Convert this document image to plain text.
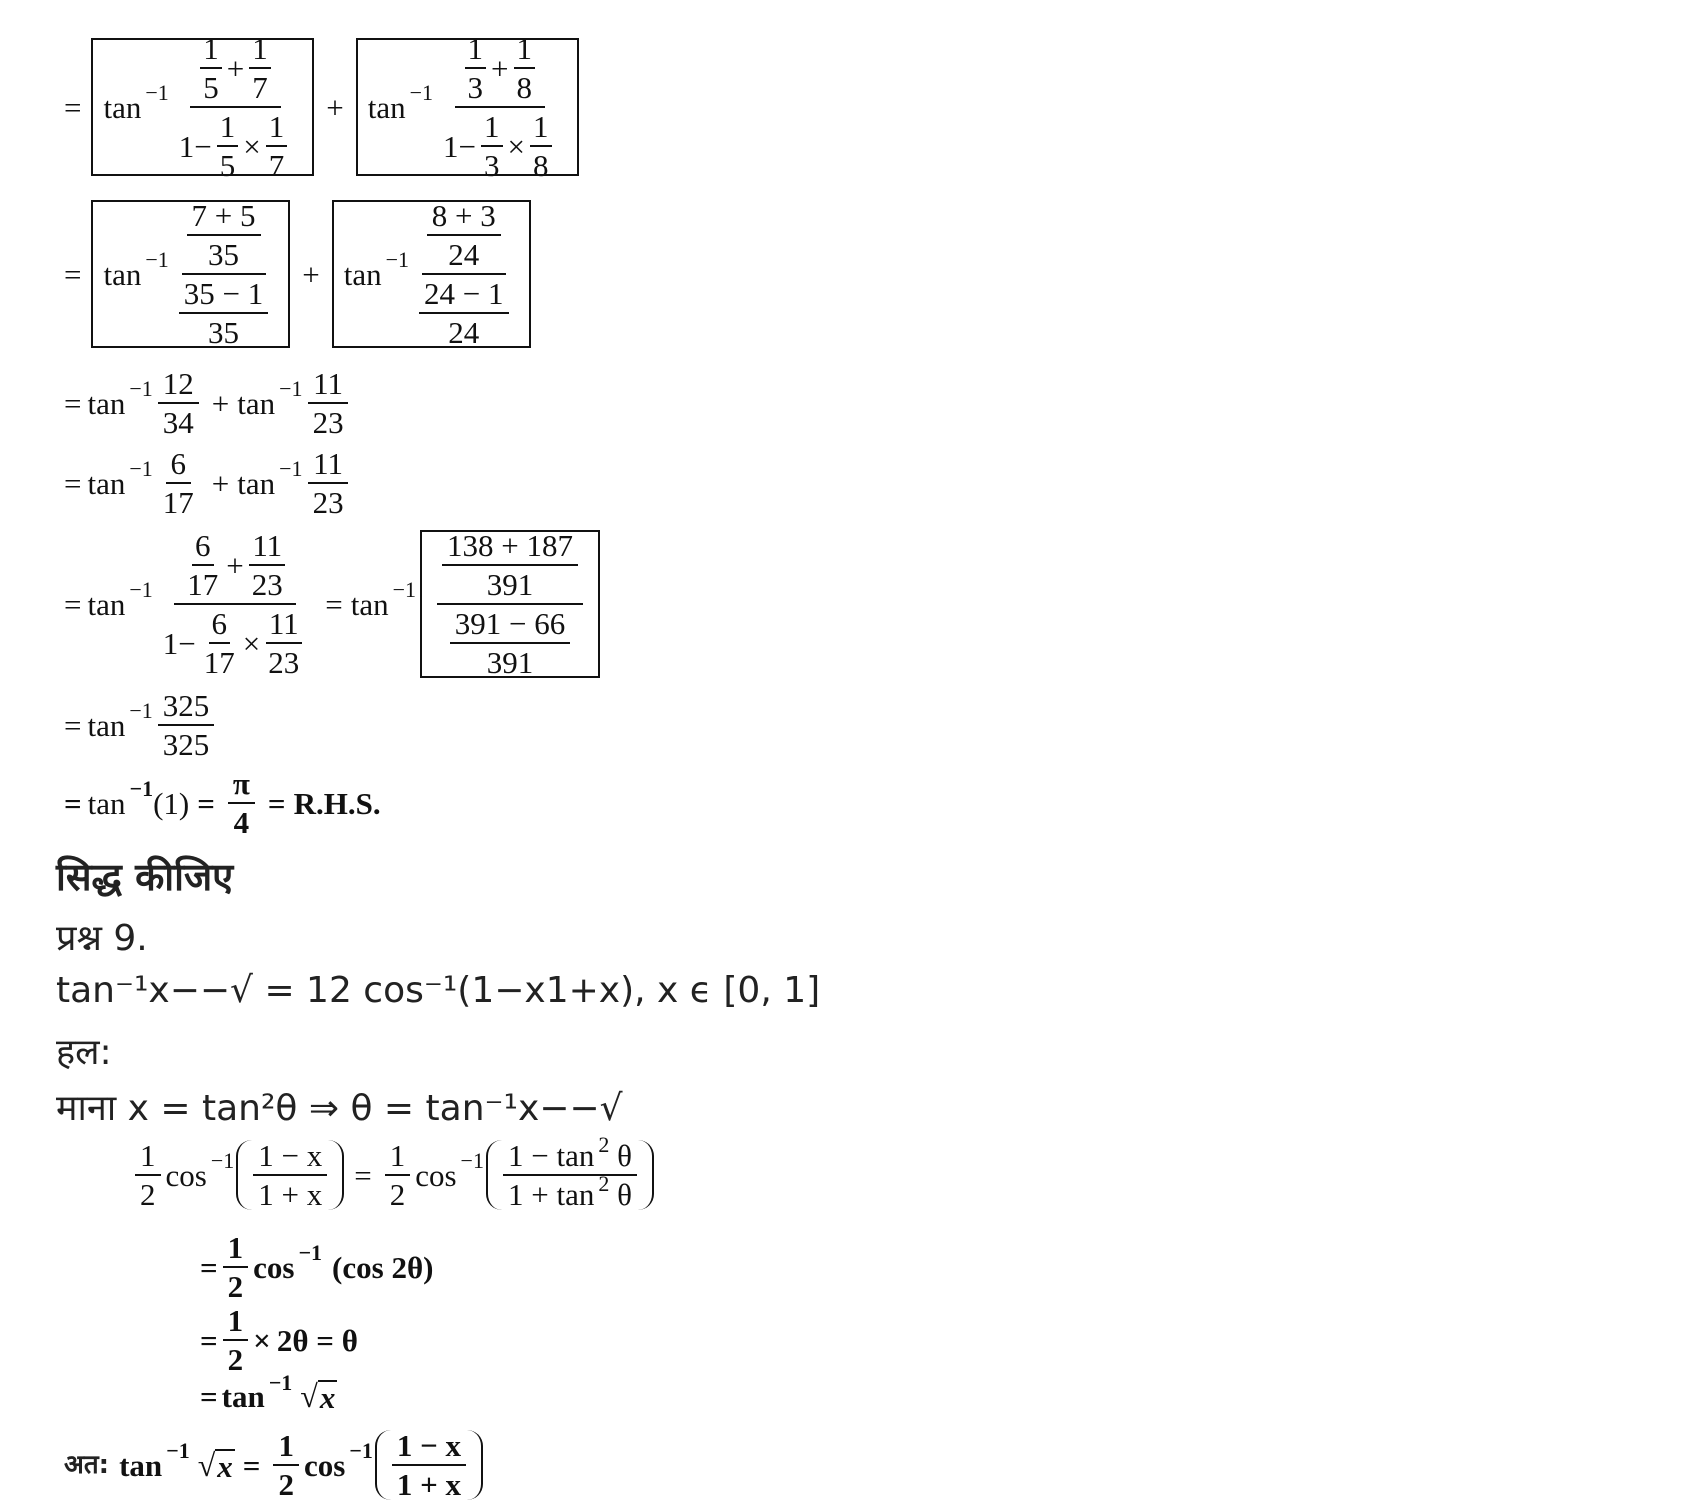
= $\tan -1 \frac{\frac{1}{5} + \frac{1}{7}}{1- \frac{1}{5} \times \frac{1}{7}} + \tan -1 \frac{\frac{1}{3} + \frac{1}{8}}{1- \frac{1}{3} \times \frac{1}{8}}$
= $\tan -1 \frac{\frac{7 + 5}{35}}{\frac{35 - 1}{35}} + \tan -1 \frac{\frac{8 + 3}{24}}{\frac{24 - 1}{24}}$
= $\tan -1 \frac{12}{34} + \tan -1 \frac{11}{23}$
= $\tan -1 \frac{6}{17} + \tan -1 \frac{11}{23}$
= $\tan -1 \frac{\frac{6}{17} + \frac{11}{23}}{1- \frac{6}{17} \times \frac{11}{23}} = \tan -1 \frac{\frac{138 + 187}{391}}{\frac{391 - 66}{391}}$
= $\tan -1 \frac{325}{325}$
= tan −1 $(1) = \frac{\pi}{4} = R.H.S$.
सिद्ध कीजिए
प्रश्न 9.
tan⁻¹x−−√ = 12 cos⁻¹(1−x1+x), x ϵ [0, 1]
हल:
माना x = tan²θ ⇒ θ = tan⁻¹x−−√
$\frac{1}{2}$ $\cos -1 \frac{1 - x}{1 + x} = \frac{1}{2}$ $\cos -1 \frac{1 - \tan ^2 \theta}{1 + \tan ^2 \theta}$
= $\frac{1}{2}$ cos −1 (cos 2θ)
= $\frac{1}{2} \times 2\theta = \theta$
= tan −1 √ x
अत: tan −1 √ $x = \frac{1}{2}$ $\cos -1 \frac{1 - x}{1 + x}$
